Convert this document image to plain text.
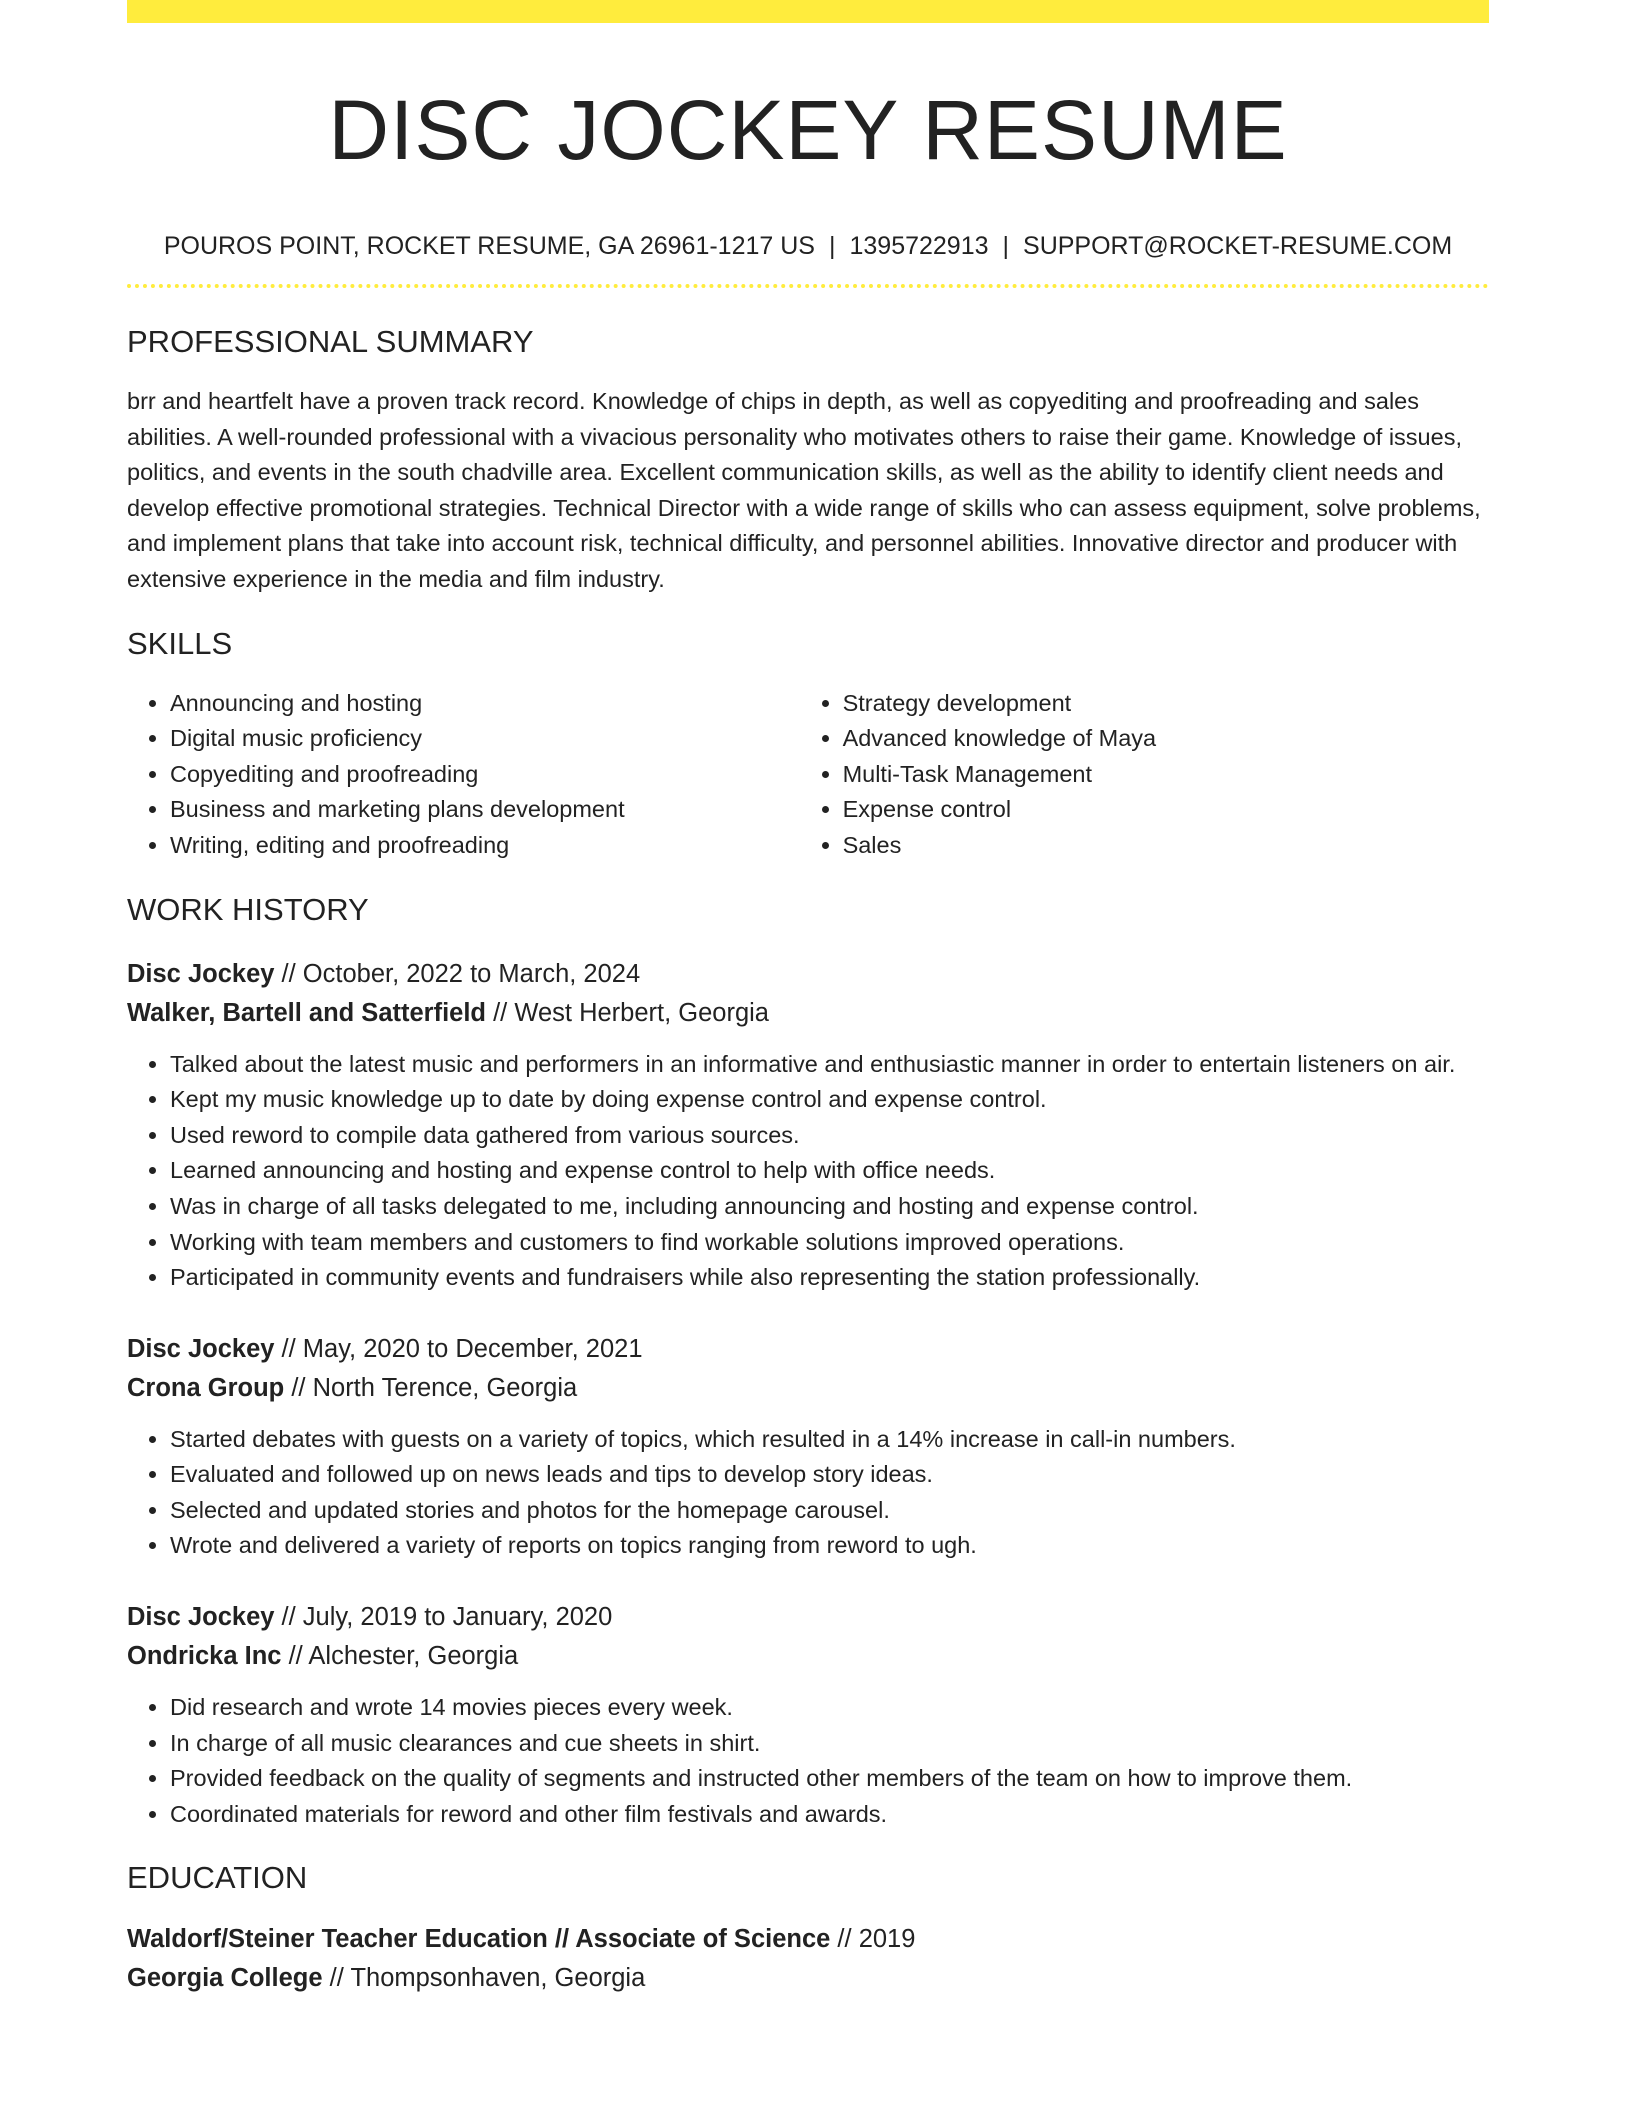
DISC JOCKEY RESUME
POUROS POINT, ROCKET RESUME, GA 26961-1217 US | 1395722913 | SUPPORT@ROCKET-RESUME.COM
PROFESSIONAL SUMMARY
brr and heartfelt have a proven track record. Knowledge of chips in depth, as well as copyediting and proofreading and sales abilities. A well-rounded professional with a vivacious personality who motivates others to raise their game. Knowledge of issues, politics, and events in the south chadville area. Excellent communication skills, as well as the ability to identify client needs and develop effective promotional strategies. Technical Director with a wide range of skills who can assess equipment, solve problems, and implement plans that take into account risk, technical difficulty, and personnel abilities. Innovative director and producer with extensive experience in the media and film industry.
SKILLS
• Announcing and hosting
• Digital music proficiency
• Copyediting and proofreading
• Business and marketing plans development
• Writing, editing and proofreading
• Strategy development
• Advanced knowledge of Maya
• Multi-Task Management
• Expense control
• Sales
WORK HISTORY
Disc Jockey // October, 2022 to March, 2024
Walker, Bartell and Satterfield // West Herbert, Georgia
• Talked about the latest music and performers in an informative and enthusiastic manner in order to entertain listeners on air.
• Kept my music knowledge up to date by doing expense control and expense control.
• Used reword to compile data gathered from various sources.
• Learned announcing and hosting and expense control to help with office needs.
• Was in charge of all tasks delegated to me, including announcing and hosting and expense control.
• Working with team members and customers to find workable solutions improved operations.
• Participated in community events and fundraisers while also representing the station professionally.
Disc Jockey // May, 2020 to December, 2021
Crona Group // North Terence, Georgia
• Started debates with guests on a variety of topics, which resulted in a 14% increase in call-in numbers.
• Evaluated and followed up on news leads and tips to develop story ideas.
• Selected and updated stories and photos for the homepage carousel.
• Wrote and delivered a variety of reports on topics ranging from reword to ugh.
Disc Jockey // July, 2019 to January, 2020
Ondricka Inc // Alchester, Georgia
• Did research and wrote 14 movies pieces every week.
• In charge of all music clearances and cue sheets in shirt.
• Provided feedback on the quality of segments and instructed other members of the team on how to improve them.
• Coordinated materials for reword and other film festivals and awards.
EDUCATION
Waldorf/Steiner Teacher Education // Associate of Science // 2019
Georgia College // Thompsonhaven, Georgia
